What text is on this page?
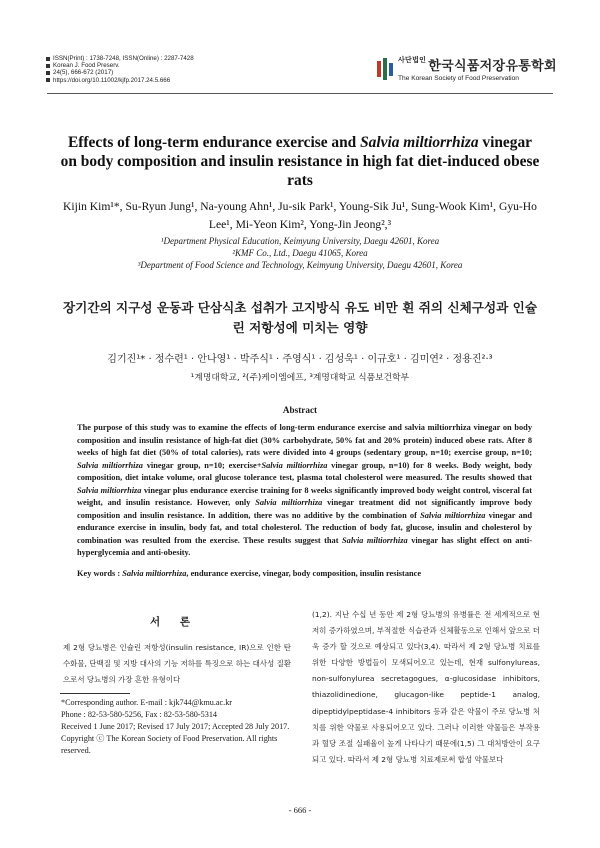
ISSN(Print) : 1738-7248, ISSN(Online) : 2287-7428
Korean J. Food Preserv.
24(5), 666-672 (2017)
https://doi.org/10.11002/kjfp.2017.24.5.666
$^{사단법인}$ 한국식품저장유통학회
The Korean Society of Food Preservation
Effects of long-term endurance exercise and Salvia miltiorrhiza vinegar on body composition and insulin resistance in high fat diet-induced obese rats
Kijin Kim¹*, Su-Ryun Jung¹, Na-young Ahn¹, Ju-sik Park¹, Young-Sik Ju¹, Sung-Wook Kim¹, Gyu-Ho Lee¹, Mi-Yeon Kim², Yong-Jin Jeong²,³
¹Department Physical Education, Keimyung University, Daegu 42601, Korea
²KMF Co., Ltd., Daegu 41065, Korea
³Department of Food Science and Technology, Keimyung University, Daegu 42601, Korea
장기간의 지구성 운동과 단삼식초 섭취가 고지방식 유도 비만 흰 쥐의 신체구성과 인슐린 저항성에 미치는 영향
김기진¹* · 정수련¹ · 안나영¹ · 박주식¹ · 주영식¹ · 김성욱¹ · 이규호¹ · 김미연² · 정용진²·³
¹계명대학교, ²(주)케이엠에프, ³계명대학교 식품보건학부
Abstract

The purpose of this study was to examine the effects of long-term endurance exercise and salvia miltiorrhiza vinegar on body composition and insulin resistance of high-fat diet (30% carbohydrate, 50% fat and 20% protein) induced obese rats. After 8 weeks of high fat diet (50% of total calories), rats were divided into 4 groups (sedentary group, n=10; exercise group, n=10; Salvia miltiorrhiza vinegar group, n=10; exercise+Salvia miltiorrhiza vinegar group, n=10) for 8 weeks. Body weight, body composition, diet intake volume, oral glucose tolerance test, plasma total cholesterol were measured. The results showed that Salvia miltiorrhiza vinegar plus endurance exercise training for 8 weeks significantly improved body weight control, visceral fat weight, and insulin resistance. However, only Salvia miltiorrhiza vinegar treatment did not significantly improve body composition and insulin resistance. In addition, there was no additive by the combination of Salvia miltiorrhiza vinegar and endurance exercise in insulin, body fat, and total cholesterol. The reduction of body fat, glucose, insulin and cholesterol by combination was resulted from the exercise. These results suggest that Salvia miltiorrhiza vinegar has slight effect on anti-hyperglycemia and anti-obesity.

Key words : Salvia miltiorrhiza, endurance exercise, vinegar, body composition, insulin resistance
서 론
제 2형 당뇨병은 인슐린 저항성(insulin resistance, IR)으로 인한 탄수화물, 단백질 및 지방 대사의 기능 저하를 특징으로 하는 대사성 질환으로서 당뇨병의 가장 흔한 유형이다
(1,2). 지난 수십 년 동안 제 2형 당뇨병의 유병률은 전 세계적으로 현저히 증가하였으며, 부적절한 식습관과 신체활동으로 인해서 앞으로 더욱 증가 할 것으로 예상되고 있다(3,4). 따라서 제 2형 당뇨병 치료를 위한 다양한 방법들이 모색되어오고 있는데, 현재 sulfonylureas, non-sulfonylurea secretagogues, α-glucosidase inhibitors, thiazolidinedione, glucagon-like peptide-1 analog, dipeptidylpeptidase-4 inhibitors 등과 같은 약물이 주로 당뇨병 처치를 위한 약물로 사용되어오고 있다. 그러나 이러한 약물들은 부작용과 혈당 조절 실패율이 높게 나타나기 때문에(1,5) 그 대처방안이 요구되고 있다. 따라서 제 2형 당뇨병 치료제로써 합성 약물보다
*Corresponding author. E-mail : kjk744@kmu.ac.kr
Phone : 82-53-580-5256, Fax : 82-53-580-5314
Received 1 June 2017; Revised 17 July 2017; Accepted 28 July 2017.
Copyright ⓒ The Korean Society of Food Preservation. All rights reserved.
- 666 -
